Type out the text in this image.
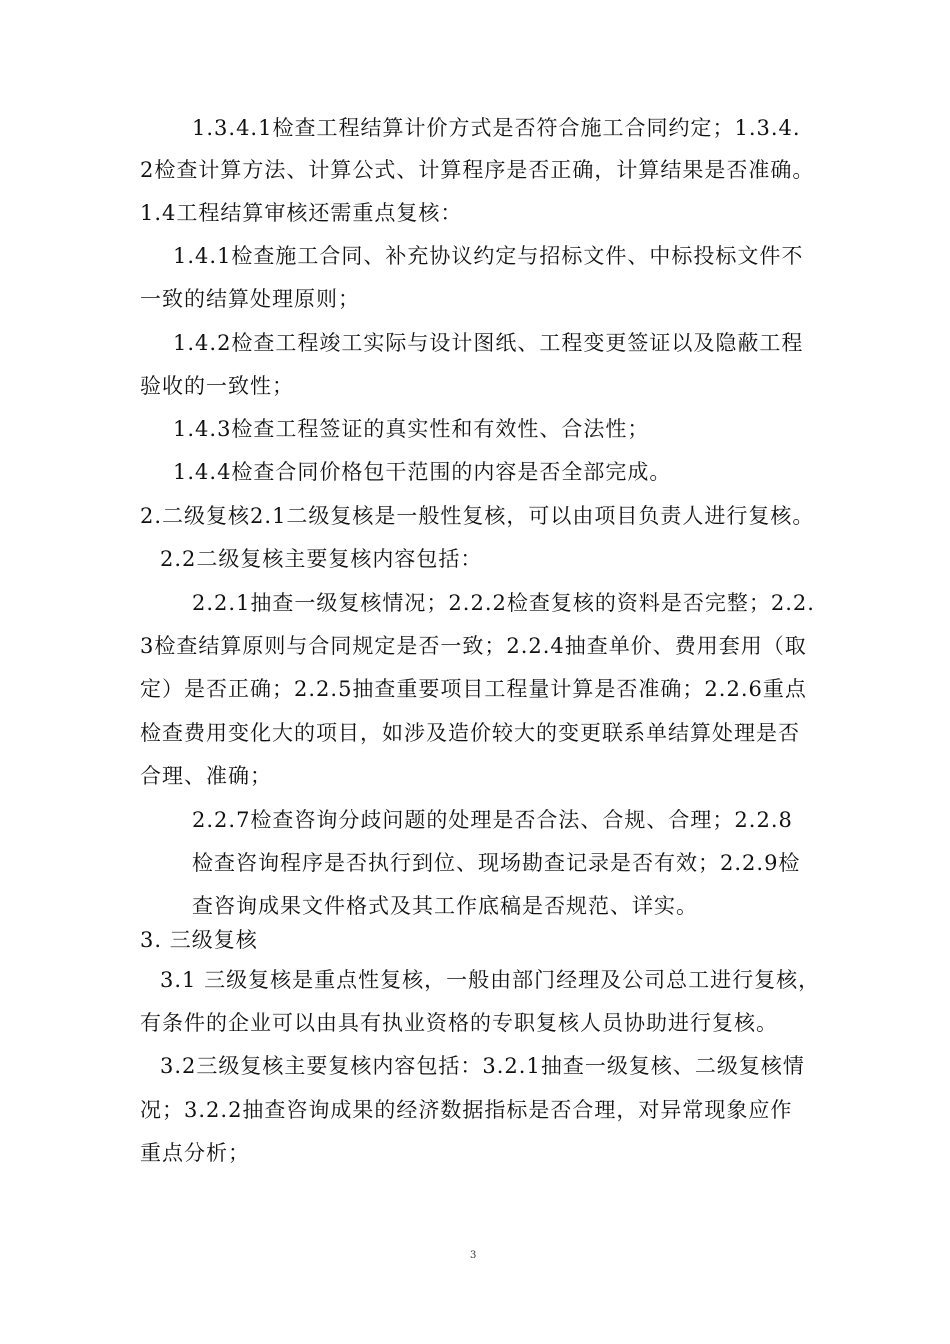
1.3.4.1检查工程结算计价方式是否符合施工合同约定；1.3.4.
2检查计算方法、计算公式、计算程序是否正确，计算结果是否准确。
1.4工程结算审核还需重点复核：
1.4.1检查施工合同、补充协议约定与招标文件、中标投标文件不
一致的结算处理原则；
1.4.2检查工程竣工实际与设计图纸、工程变更签证以及隐蔽工程
验收的一致性；
1.4.3检查工程签证的真实性和有效性、合法性；
1.4.4检查合同价格包干范围的内容是否全部完成。
2.二级复核2.1二级复核是一般性复核，可以由项目负责人进行复核。
2.2二级复核主要复核内容包括：
2.2.1抽查一级复核情况；2.2.2检查复核的资料是否完整；2.2.
3检查结算原则与合同规定是否一致；2.2.4抽查单价、费用套用（取
定）是否正确；2.2.5抽查重要项目工程量计算是否准确；2.2.6重点
检查费用变化大的项目，如涉及造价较大的变更联系单结算处理是否
合理、准确；
2.2.7检查咨询分歧问题的处理是否合法、合规、合理；2.2.8
检查咨询程序是否执行到位、现场勘查记录是否有效；2.2.9检
查咨询成果文件格式及其工作底稿是否规范、详实。
3. 三级复核
3.1 三级复核是重点性复核，一般由部门经理及公司总工进行复核，
有条件的企业可以由具有执业资格的专职复核人员协助进行复核。
3.2三级复核主要复核内容包括：3.2.1抽查一级复核、二级复核情
况；3.2.2抽查咨询成果的经济数据指标是否合理，对异常现象应作
重点分析；
3
